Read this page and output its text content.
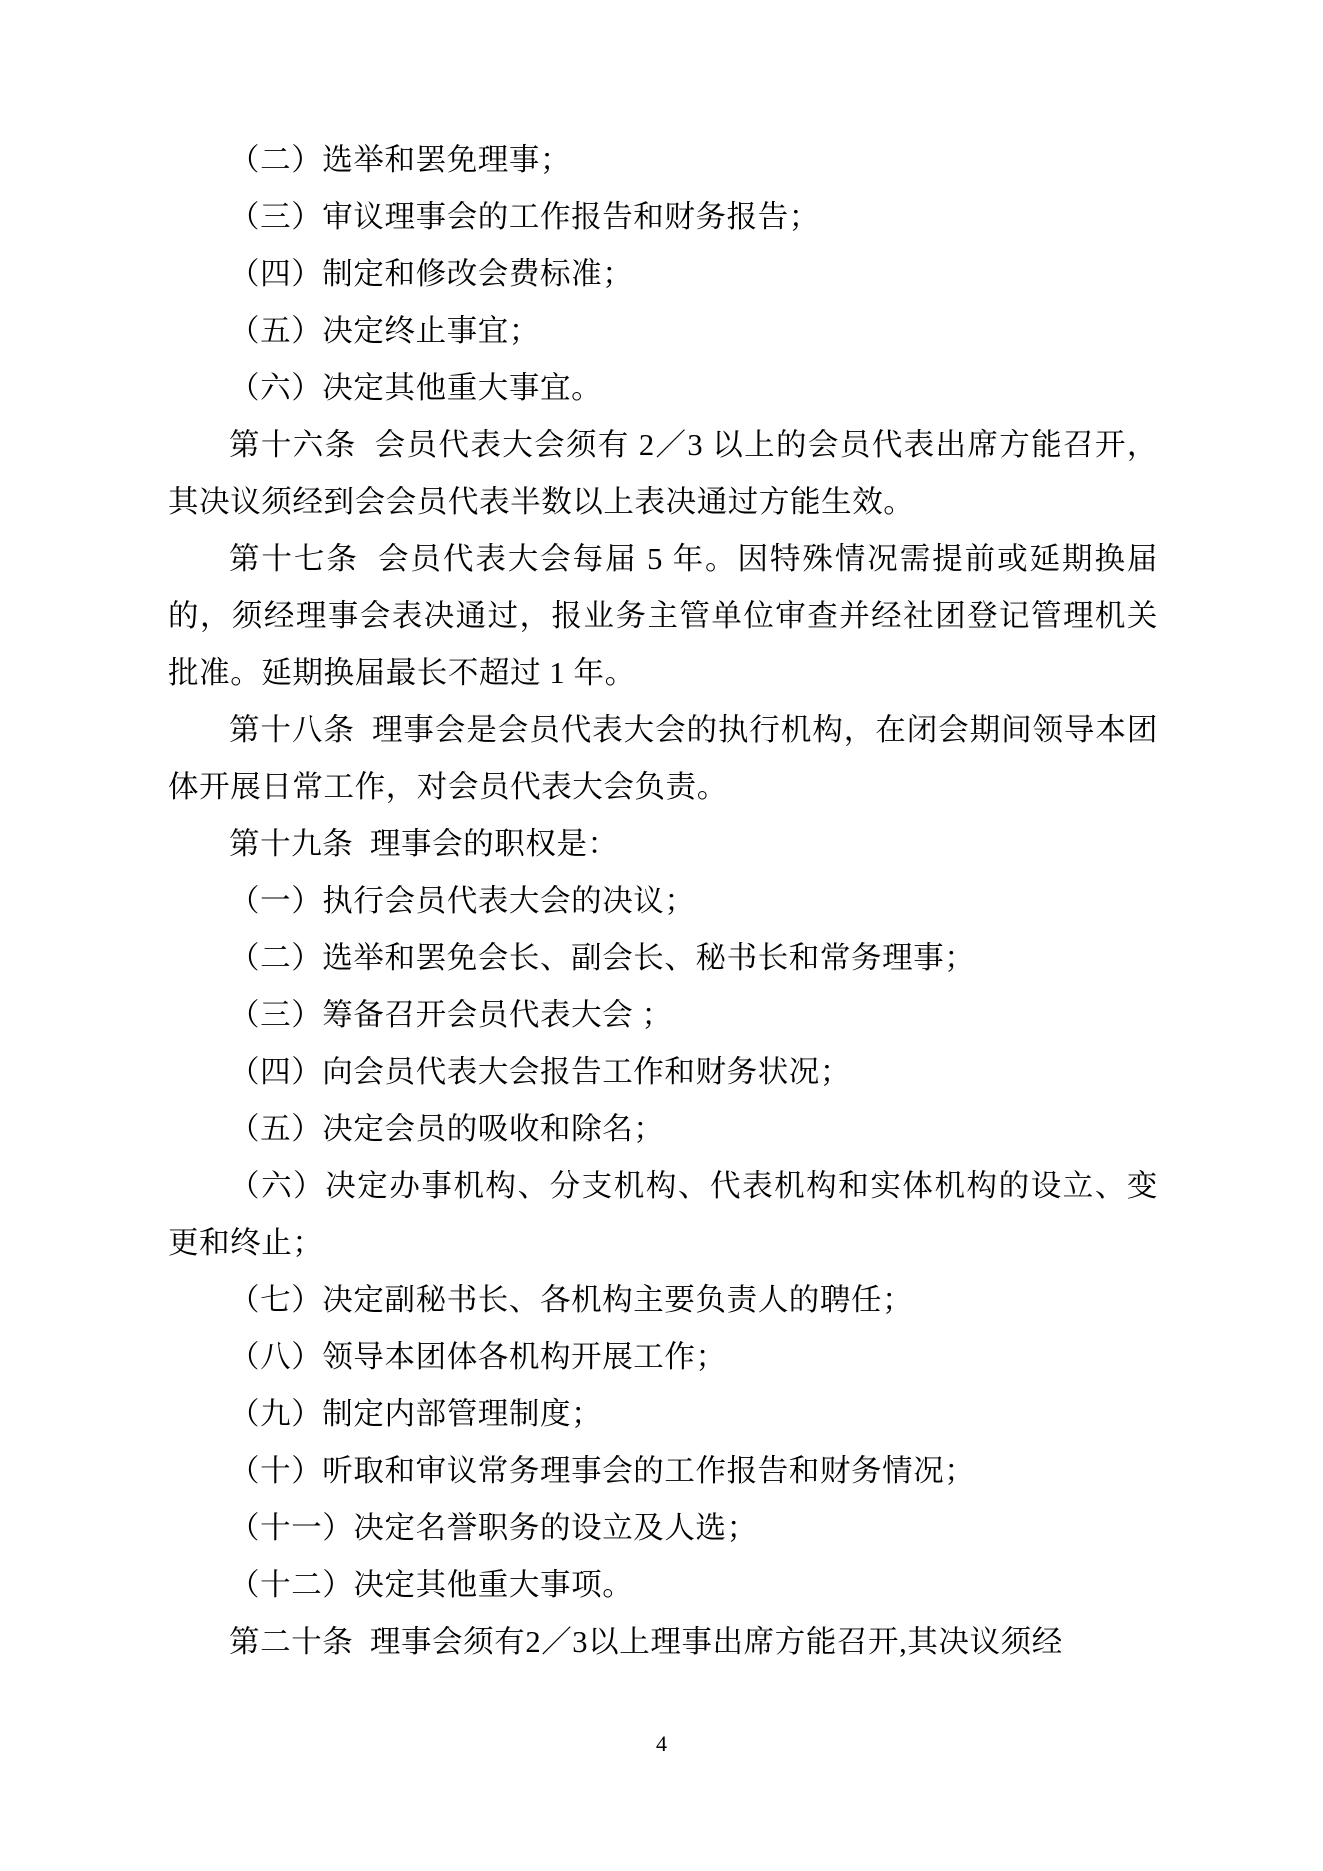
（二）选举和罢免理事；

（三）审议理事会的工作报告和财务报告；

（四）制定和修改会费标准；

（五）决定终止事宜；

（六）决定其他重大事宜。

第十六条  会员代表大会须有 2／3 以上的会员代表出席方能召开，其决议须经到会会员代表半数以上表决通过方能生效。

第十七条  会员代表大会每届 5 年。因特殊情况需提前或延期换届的，须经理事会表决通过，报业务主管单位审查并经社团登记管理机关批准。延期换届最长不超过 1 年。

第十八条  理事会是会员代表大会的执行机构，在闭会期间领导本团体开展日常工作，对会员代表大会负责。

第十九条  理事会的职权是：

（一）执行会员代表大会的决议；

（二）选举和罢免会长、副会长、秘书长和常务理事；

（三）筹备召开会员代表大会 ；

（四）向会员代表大会报告工作和财务状况；

（五）决定会员的吸收和除名；

（六）决定办事机构、分支机构、代表机构和实体机构的设立、变更和终止；

（七）决定副秘书长、各机构主要负责人的聘任；

（八）领导本团体各机构开展工作；

（九）制定内部管理制度；

（十）听取和审议常务理事会的工作报告和财务情况；

（十一）决定名誉职务的设立及人选；

（十二）决定其他重大事项。

第二十条  理事会须有2／3以上理事出席方能召开,其决议须经

4
